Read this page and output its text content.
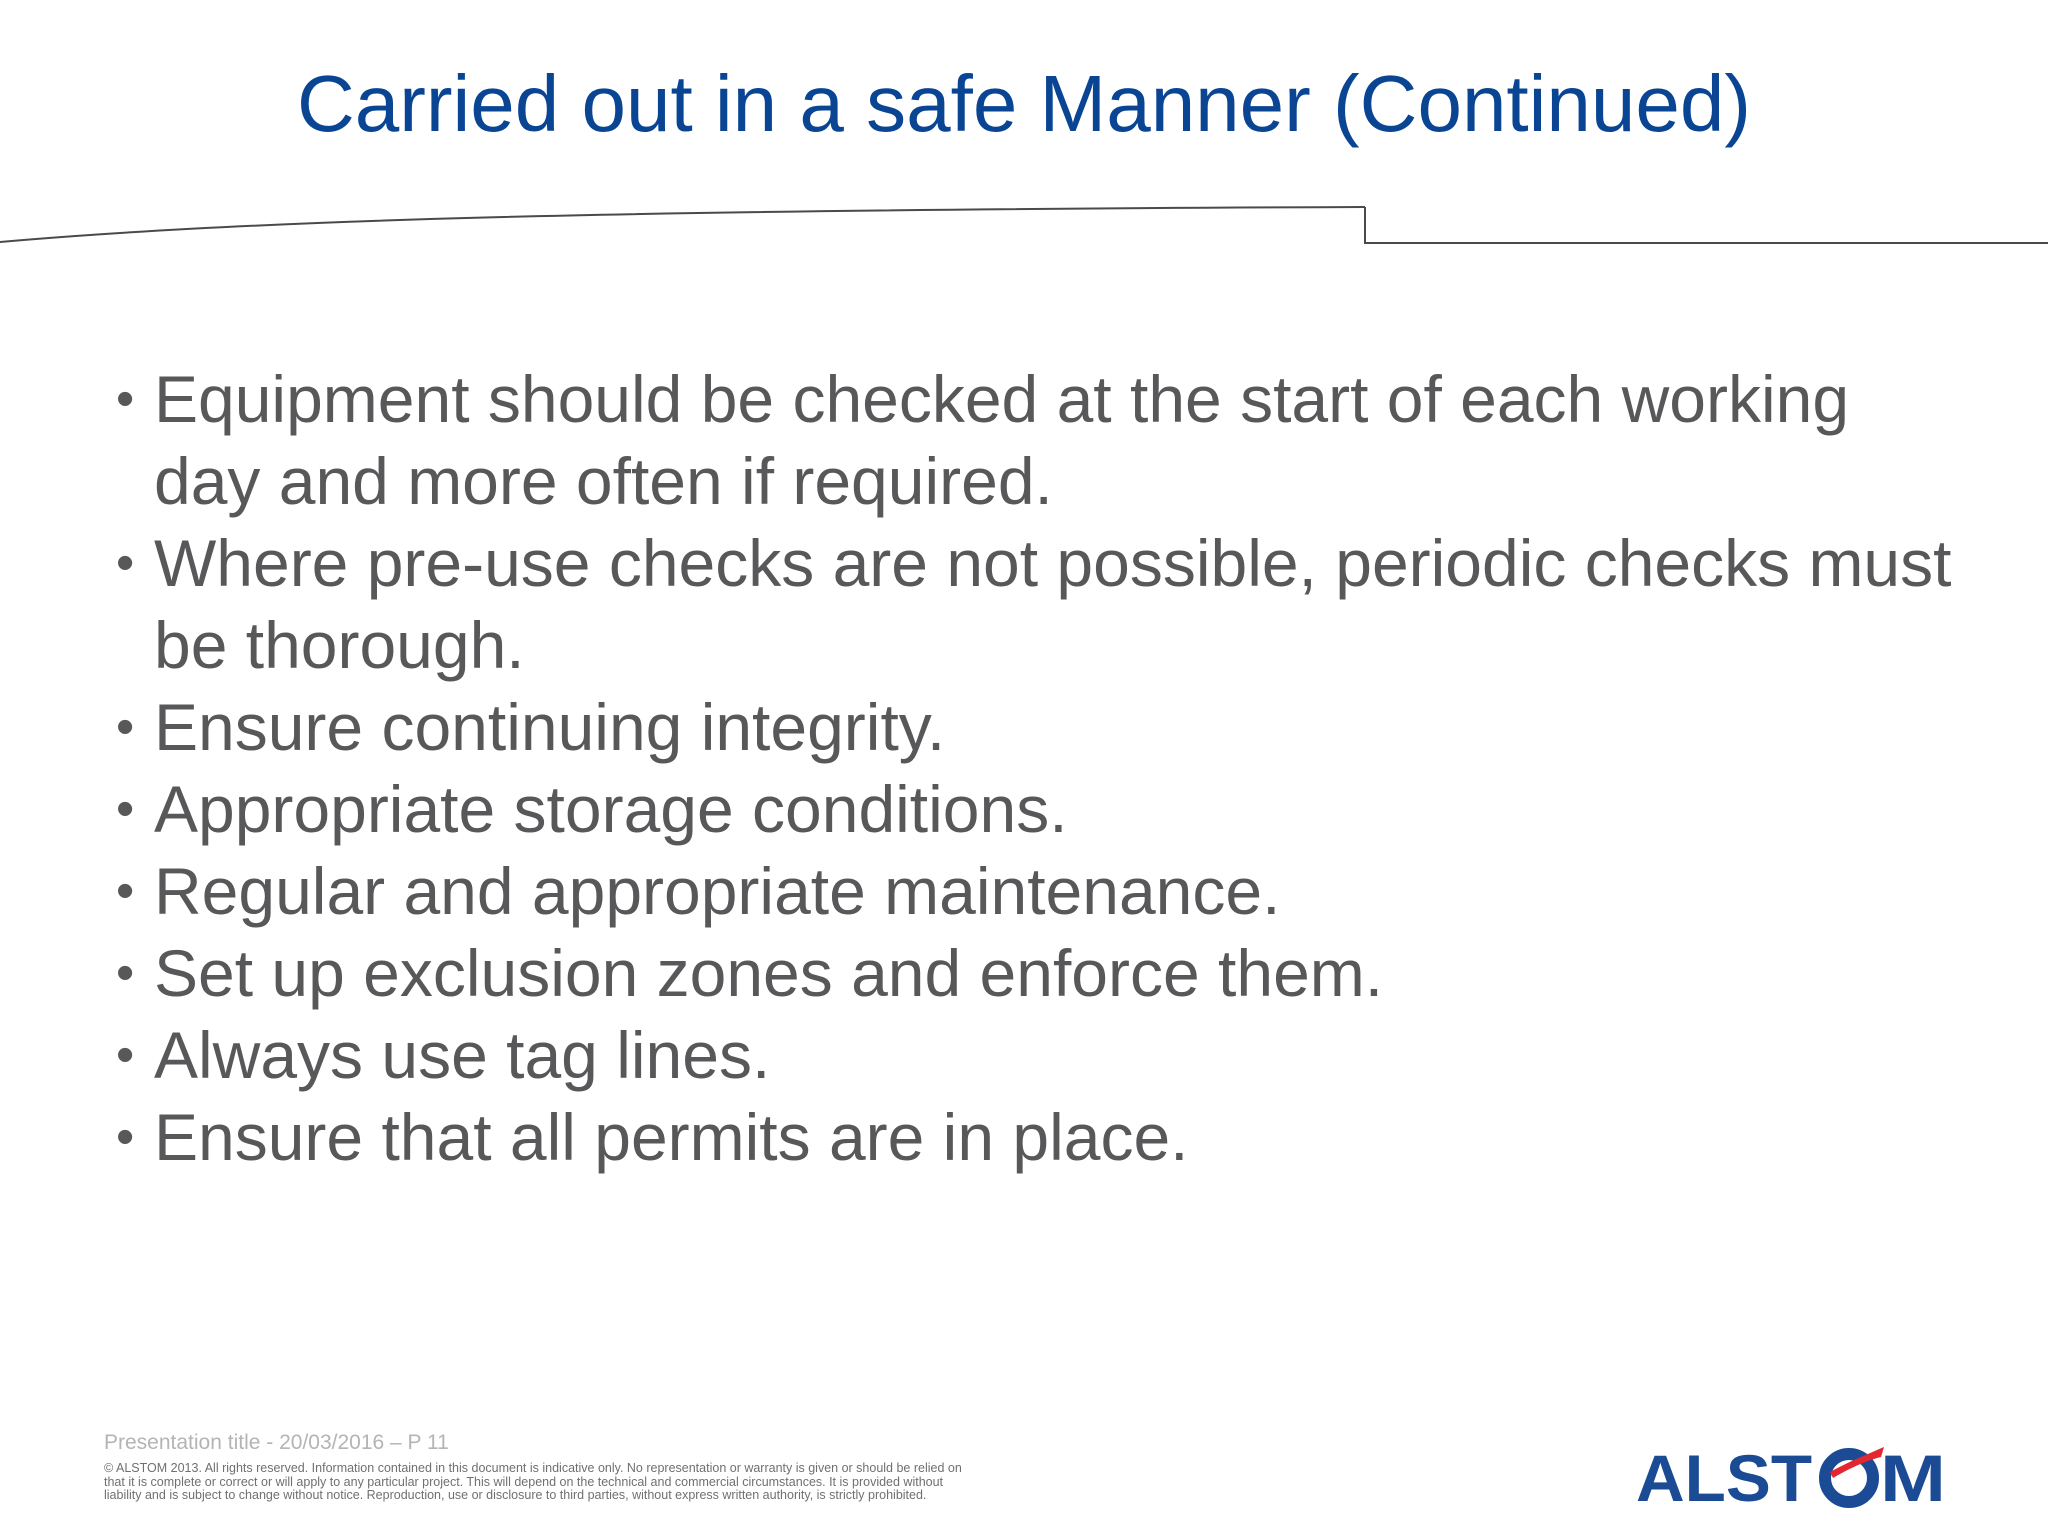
Carried out in a safe Manner (Continued)
• Equipment should be checked at the start of each working day and more often if required.
• Where pre-use checks are not possible, periodic checks must be thorough.
• Ensure continuing integrity.
• Appropriate storage conditions.
• Regular and appropriate maintenance.
• Set up exclusion zones and enforce them.
• Always use tag lines.
• Ensure that all permits are in place.
Presentation title - 20/03/2016 – P 11
© ALSTOM 2013. All rights reserved. Information contained in this document is indicative only. No representation or warranty is given or should be relied on
that it is complete or correct or will apply to any particular project. This will depend on the technical and commercial circumstances. It is provided without
liability and is subject to change without notice. Reproduction, use or disclosure to third parties, without express written authority, is strictly prohibited.	ALST M
